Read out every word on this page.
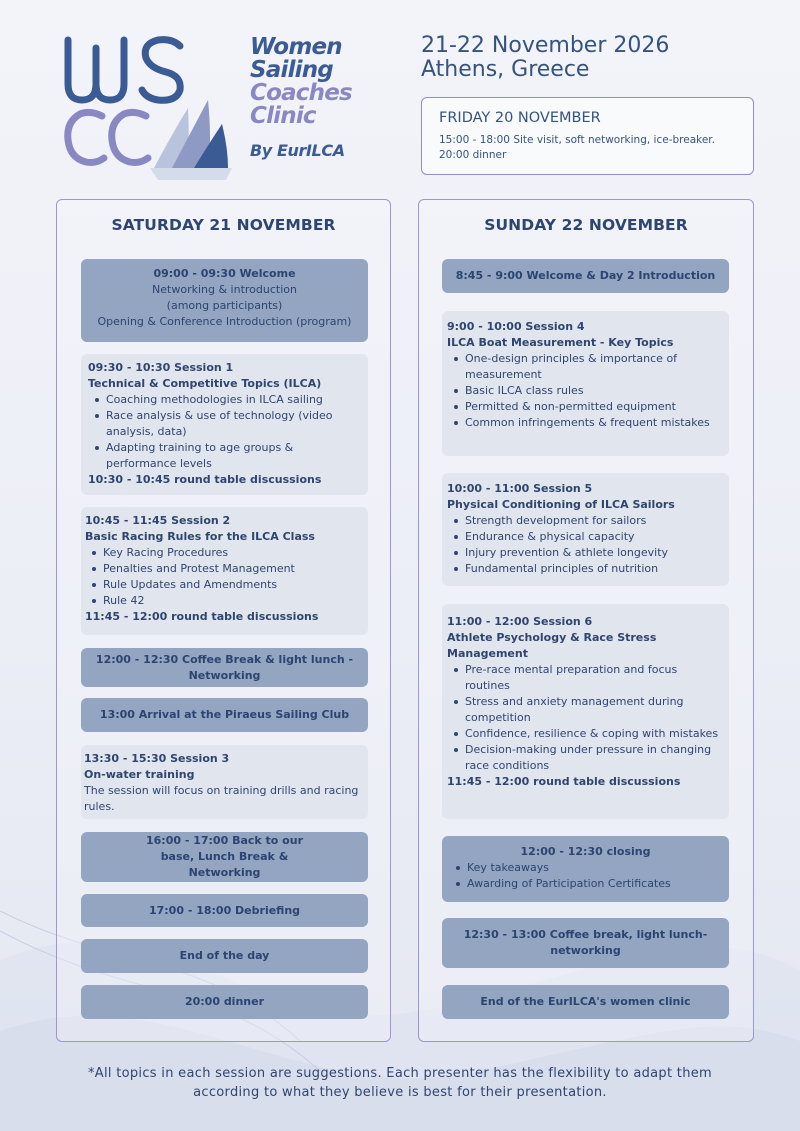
Women
Sailing
Coaches
Clinic
By EurILCA
21-22 November 2026
Athens, Greece
FRIDAY 20 NOVEMBER
15:00 - 18:00 Site visit, soft networking, ice-breaker.
20:00 dinner
SATURDAY 21 NOVEMBER
09:00 - 09:30 Welcome
Networking & introduction
(among participants)
Opening & Conference Introduction (program)
09:30 - 10:30 Session 1
Technical & Competitive Topics (ILCA)
Coaching methodologies in ILCA sailing
Race analysis & use of technology (video analysis, data)
Adapting training to age groups & performance levels
10:30 - 10:45 round table discussions
10:45 - 11:45 Session 2
Basic Racing Rules for the ILCA Class
Key Racing Procedures
Penalties and Protest Management
Rule Updates and Amendments
Rule 42
11:45 - 12:00 round table discussions
12:00 - 12:30 Coffee Break & light lunch - Networking
13:00 Arrival at the Piraeus Sailing Club
13:30 - 15:30 Session 3
On-water training
The session will focus on training drills and racing rules.
16:00 - 17:00 Back to our base, Lunch Break & Networking
17:00 - 18:00 Debriefing
End of the day
20:00 dinner
SUNDAY 22 NOVEMBER
8:45 - 9:00 Welcome & Day 2 Introduction
9:00 - 10:00 Session 4
ILCA Boat Measurement - Key Topics
One-design principles & importance of measurement
Basic ILCA class rules
Permitted & non-permitted equipment
Common infringements & frequent mistakes
10:00 - 11:00 Session 5
Physical Conditioning of ILCA Sailors
Strength development for sailors
Endurance & physical capacity
Injury prevention & athlete longevity
Fundamental principles of nutrition
11:00 - 12:00 Session 6
Athlete Psychology & Race Stress Management
Pre-race mental preparation and focus routines
Stress and anxiety management during competition
Confidence, resilience & coping with mistakes
Decision-making under pressure in changing race conditions
11:45 - 12:00 round table discussions
12:00 - 12:30 closing
Key takeaways
Awarding of Participation Certificates
12:30 - 13:00 Coffee break, light lunch-networking
End of the EurILCA's women clinic
*All topics in each session are suggestions. Each presenter has the flexibility to adapt them according to what they believe is best for their presentation.
